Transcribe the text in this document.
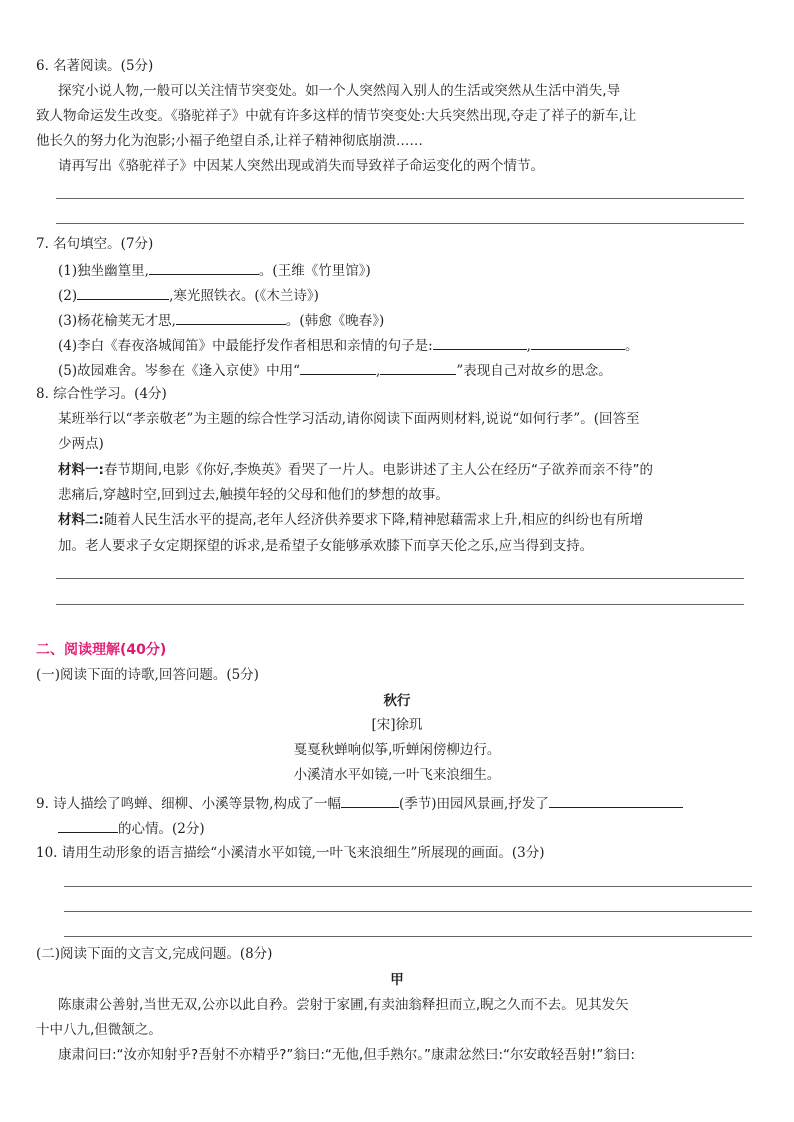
6. 名著阅读。(5分)
探究小说人物,一般可以关注情节突变处。如一个人突然闯入别人的生活或突然从生活中消失,导
致人物命运发生改变。《骆驼祥子》中就有许多这样的情节突变处:大兵突然出现,夺走了祥子的新车,让
他长久的努力化为泡影;小福子绝望自杀,让祥子精神彻底崩溃……
请再写出《骆驼祥子》中因某人突然出现或消失而导致祥子命运变化的两个情节。
7. 名句填空。(7分)
(1)独坐幽篁里,	。(王维《竹里馆》)
(2)	,寒光照铁衣。(《木兰诗》)
(3)杨花榆荚无才思,	。(韩愈《晚春》)
(4)李白《春夜洛城闻笛》中最能抒发作者相思和亲情的句子是:	,	。
(5)故园难舍。岑参在《逢入京使》中用“	,	”表现自己对故乡的思念。
8. 综合性学习。(4分)
某班举行以“孝亲敬老”为主题的综合性学习活动,请你阅读下面两则材料,说说“如何行孝”。(回答至
少两点)
材料一:春节期间,电影《你好,李焕英》看哭了一片人。电影讲述了主人公在经历“子欲养而亲不待”的
悲痛后,穿越时空,回到过去,触摸年轻的父母和他们的梦想的故事。
材料二:随着人民生活水平的提高,老年人经济供养要求下降,精神慰藉需求上升,相应的纠纷也有所增
加。老人要求子女定期探望的诉求,是希望子女能够承欢膝下而享天伦之乐,应当得到支持。
二、阅读理解(40分)
(一)阅读下面的诗歌,回答问题。(5分)
秋行
[宋]徐玑
戛戛秋蝉响似筝,听蝉闲傍柳边行。
小溪清水平如镜,一叶飞来浪细生。
9. 诗人描绘了鸣蝉、细柳、小溪等景物,构成了一幅	(季节)田园风景画,抒发了
的心情。(2分)
10. 请用生动形象的语言描绘“小溪清水平如镜,一叶飞来浪细生”所展现的画面。(3分)
(二)阅读下面的文言文,完成问题。(8分)
甲
陈康肃公善射,当世无双,公亦以此自矜。尝射于家圃,有卖油翁释担而立,睨之久而不去。见其发矢
十中八九,但微颔之。
康肃问曰:“汝亦知射乎?吾射不亦精乎?”翁曰:“无他,但手熟尔。”康肃忿然曰:“尔安敢轻吾射!”翁曰:
